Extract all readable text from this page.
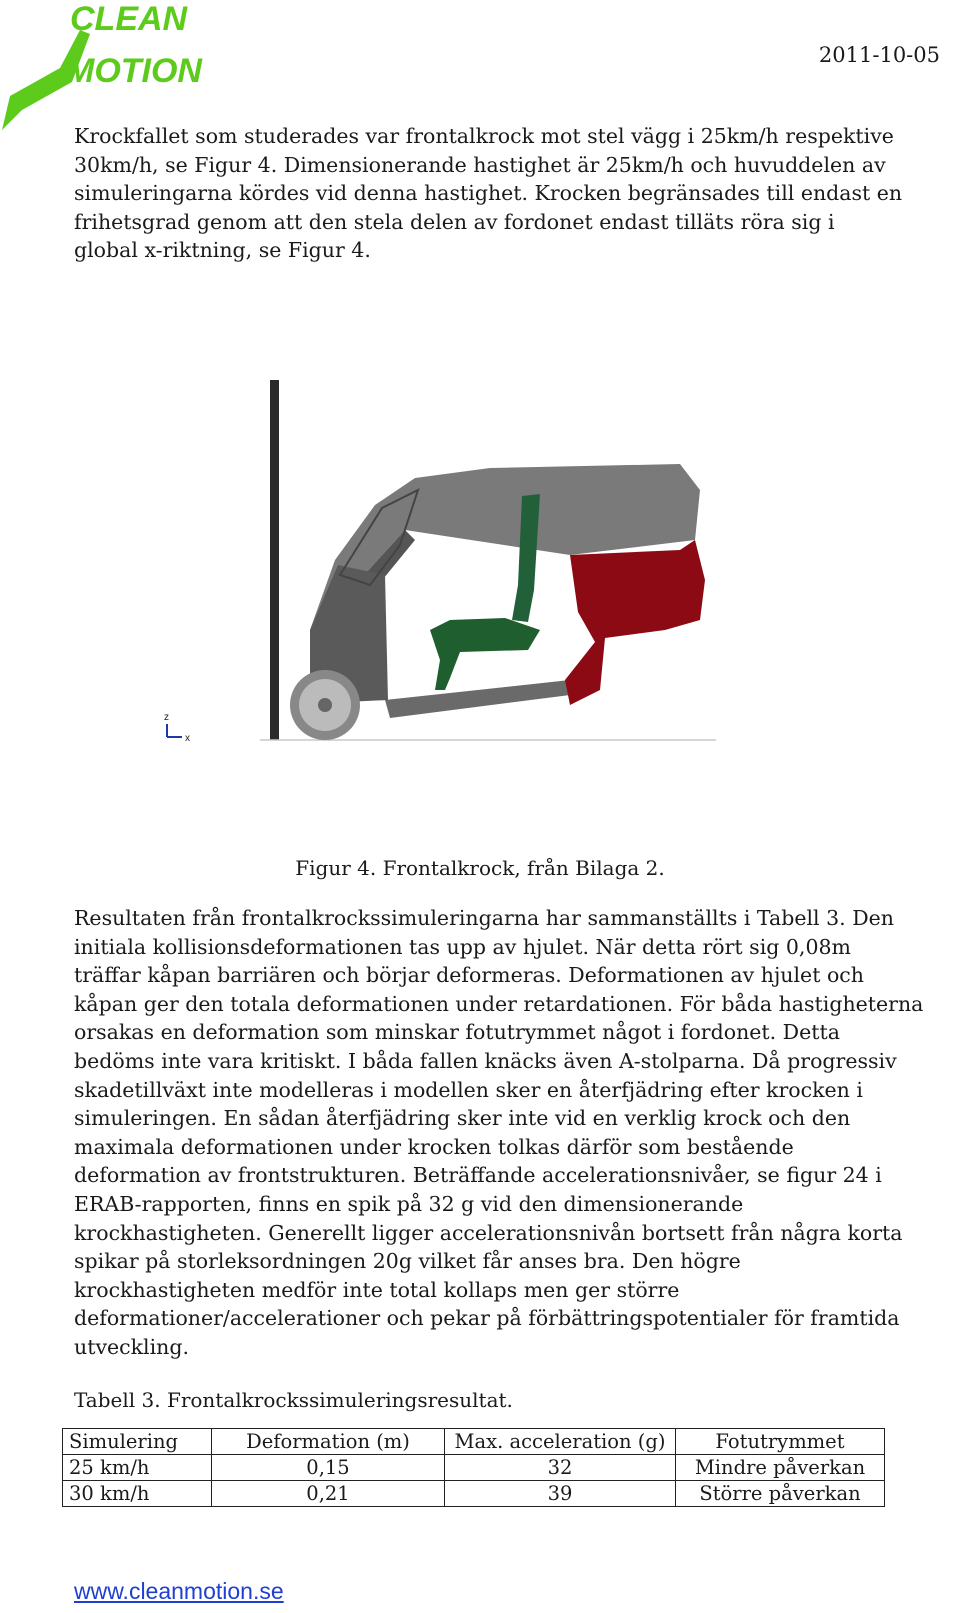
CLEAN
MOTION	2011-10-05

Krockfallet som studerades var frontalkrock mot stel vägg i 25km/h respektive 30km/h, se Figur 4. Dimensionerande hastighet är 25km/h och huvuddelen av simuleringarna kördes vid denna hastighet. Krocken begränsades till endast en frihetsgrad genom att den stela delen av fordonet endast tilläts röra sig i global x-riktning, se Figur 4.

z
x
Figur 4. Frontalkrock, från Bilaga 2.

Resultaten från frontalkrockssimuleringarna har sammanställts i Tabell 3. Den initiala kollisionsdeformationen tas upp av hjulet. När detta rört sig 0,08m träffar kåpan barriären och börjar deformeras. Deformationen av hjulet och kåpan ger den totala deformationen under retardationen. För båda hastigheterna orsakas en deformation som minskar fotutrymmet något i fordonet. Detta bedöms inte vara kritiskt. I båda fallen knäcks även A-stolparna. Då progressiv skadetillväxt inte modelleras i modellen sker en återfjädring efter krocken i simuleringen. En sådan återfjädring sker inte vid en verklig krock och den maximala deformationen under krocken tolkas därför som bestående deformation av frontstrukturen. Beträffande accelerationsnivåer, se figur 24 i ERAB-rapporten, finns en spik på 32 g vid den dimensionerande krockhastigheten. Generellt ligger accelerationsnivån bortsett från några korta spikar på storleksordningen 20g vilket får anses bra. Den högre krockhastigheten medför inte total kollaps men ger större deformationer/accelerationer och pekar på förbättringspotentialer för framtida utveckling.

Tabell 3. Frontalkrockssimuleringsresultat.
Simulering	Deformation (m)	Max. acceleration (g)	Fotutrymmet
25 km/h	0,15	32	Mindre påverkan
30 km/h	0,21	39	Större påverkan
www.cleanmotion.se
